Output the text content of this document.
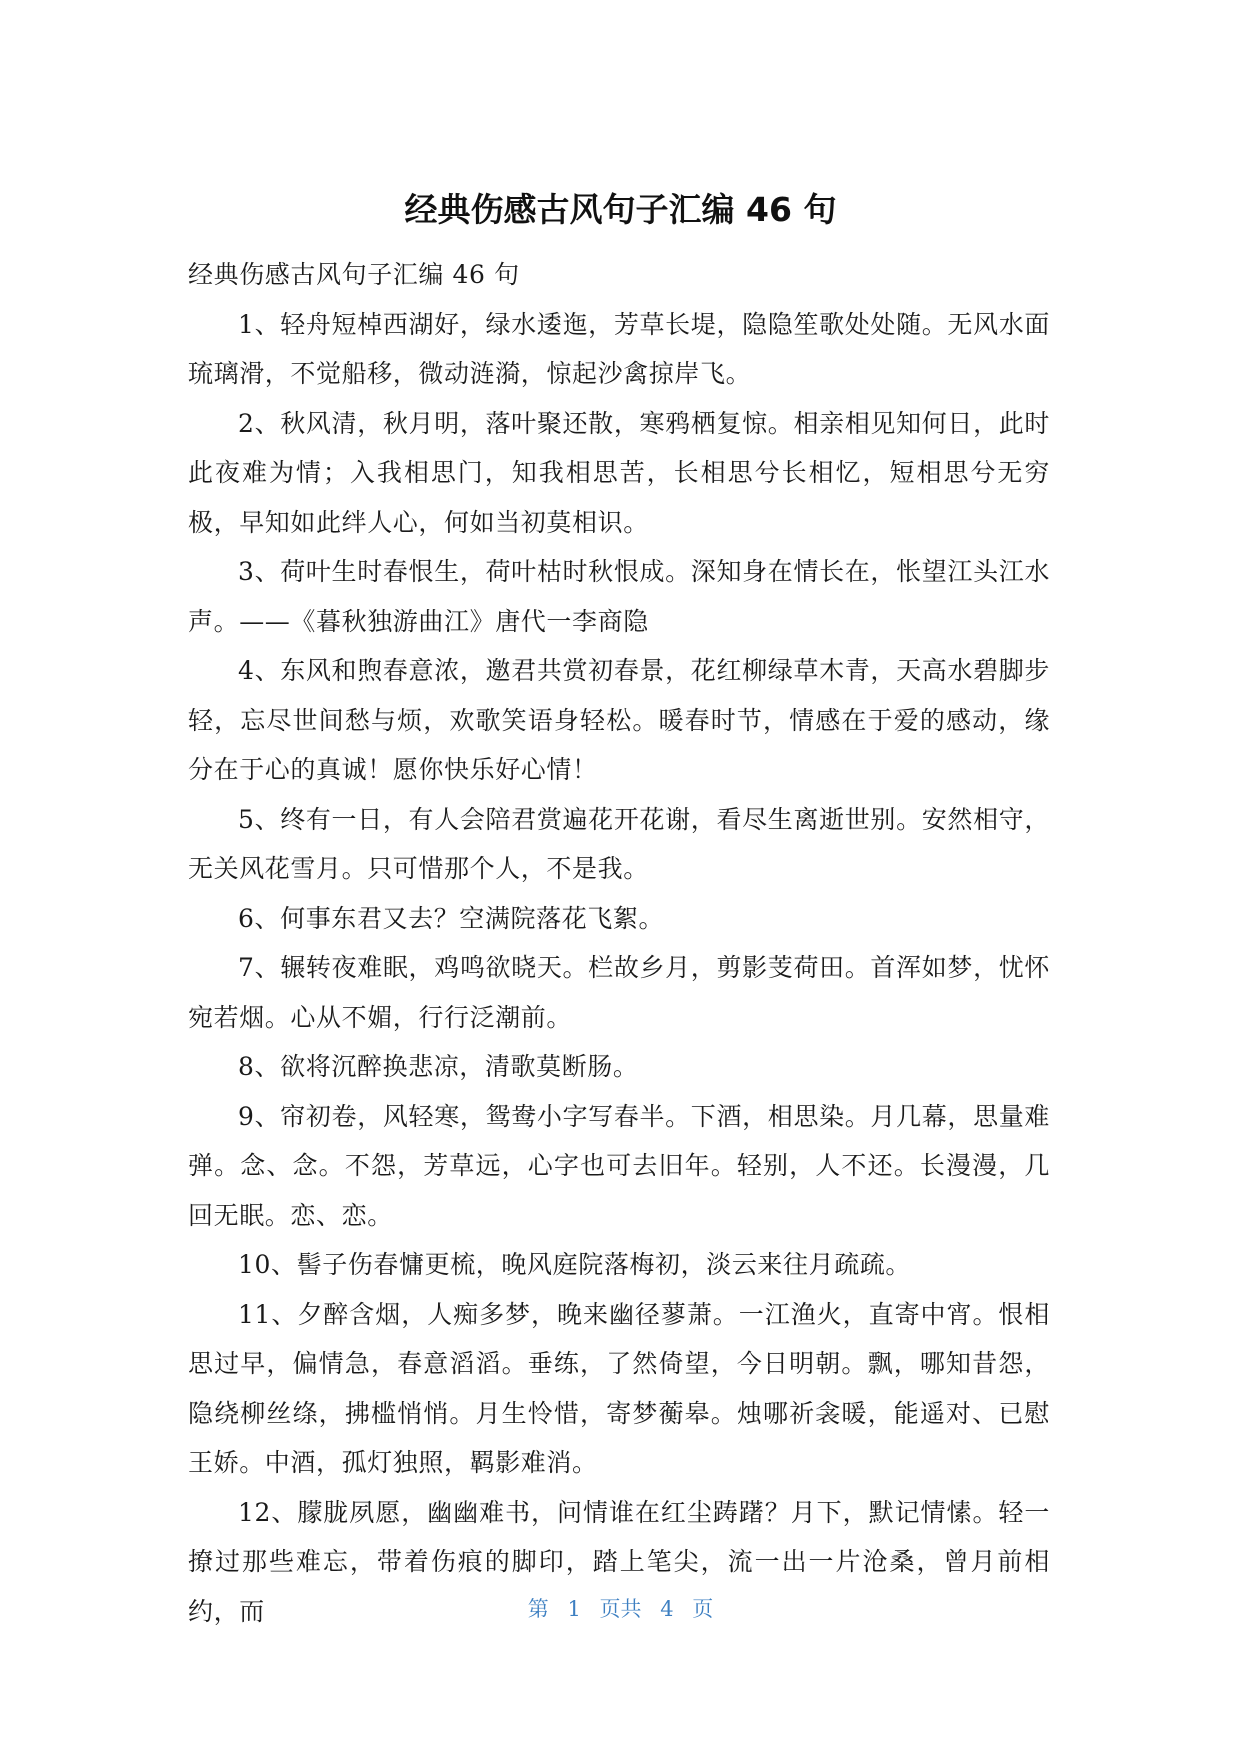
经典伤感古风句子汇编 46 句

经典伤感古风句子汇编 46 句

1、轻舟短棹西湖好，绿水逶迤，芳草长堤，隐隐笙歌处处随。无风水面琉璃滑，不觉船移，微动涟漪，惊起沙禽掠岸飞。

2、秋风清，秋月明，落叶聚还散，寒鸦栖复惊。相亲相见知何日，此时此夜难为情；入我相思门，知我相思苦，长相思兮长相忆，短相思兮无穷极，早知如此绊人心，何如当初莫相识。

3、荷叶生时春恨生，荷叶枯时秋恨成。深知身在情长在，怅望江头江水声。——《暮秋独游曲江》唐代一李商隐

4、东风和煦春意浓，邀君共赏初春景，花红柳绿草木青，天高水碧脚步轻，忘尽世间愁与烦，欢歌笑语身轻松。暖春时节，情感在于爱的感动，缘分在于心的真诚！愿你快乐好心情！

5、终有一日，有人会陪君赏遍花开花谢，看尽生离逝世别。安然相守，无关风花雪月。只可惜那个人，不是我。

6、何事东君又去？空满院落花飞絮。

7、辗转夜难眠，鸡鸣欲晓天。栏故乡月，剪影芰荷田。首浑如梦，忧怀宛若烟。心从不媚，行行泛潮前。

8、欲将沉醉换悲凉，清歌莫断肠。

9、帘初卷，风轻寒，鸳鸯小字写春半。下酒，相思染。月几幕，思量难弹。念、念。不怨，芳草远，心字也可去旧年。轻别，人不还。长漫漫，几回无眠。恋、恋。

10、髻子伤春慵更梳，晚风庭院落梅初，淡云来往月疏疏。

11、夕醉含烟，人痴多梦，晚来幽径蓼萧。一江渔火，直寄中宵。恨相思过早，偏情急，春意滔滔。垂练，了然倚望，今日明朝。飘，哪知昔怨，隐绕柳丝绦，拂槛悄悄。月生怜惜，寄梦蘅皋。烛哪祈衾暖，能遥对、已慰王娇。中酒，孤灯独照，羁影难消。

12、朦胧夙愿，幽幽难书，问情谁在红尘踌躇？月下，默记情愫。轻一撩过那些难忘，带着伤痕的脚印，踏上笔尖，流一出一片沧桑，曾月前相约，而	第 1 页共 4 页
